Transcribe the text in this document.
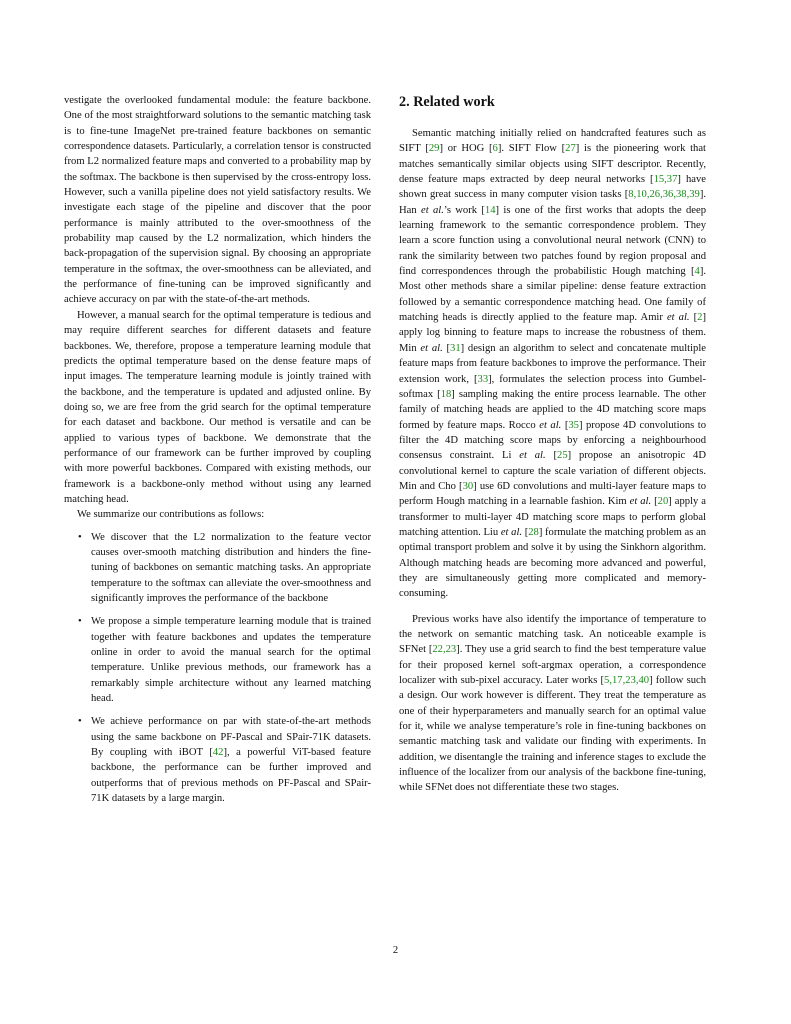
vestigate the overlooked fundamental module: the feature backbone. One of the most straightforward solutions to the semantic matching task is to fine-tune ImageNet pre-trained feature backbones on semantic correspondence datasets. Particularly, a correlation tensor is constructed from L2 normalized feature maps and converted to a probability map by the softmax. The backbone is then supervised by the cross-entropy loss. However, such a vanilla pipeline does not yield satisfactory results. We investigate each stage of the pipeline and discover that the poor performance is mainly attributed to the over-smoothness of the probability map caused by the L2 normalization, which hinders the back-propagation of the supervision signal. By choosing an appropriate temperature in the softmax, the over-smoothness can be alleviated, and the performance of fine-tuning can be improved significantly and achieve accuracy on par with the state-of-the-art methods.

However, a manual search for the optimal temperature is tedious and may require different searches for different datasets and feature backbones. We, therefore, propose a temperature learning module that predicts the optimal temperature based on the dense feature maps of input images. The temperature learning module is jointly trained with the backbone, and the temperature is updated and adjusted online. By doing so, we are free from the grid search for the optimal temperature for each dataset and backbone. Our method is versatile and can be applied to various types of backbone. We demonstrate that the performance of our framework can be further improved by coupling with more powerful backbones. Compared with existing methods, our framework is a backbone-only method without using any learned matching head.

We summarize our contributions as follows:

• We discover that the L2 normalization to the feature vector causes over-smooth matching distribution and hinders the fine-tuning of backbones on semantic matching tasks. An appropriate temperature to the softmax can alleviate the over-smoothness and significantly improves the performance of the backbone
• We propose a simple temperature learning module that is trained together with feature backbones and updates the temperature online in order to avoid the manual search for the optimal temperature. Unlike previous methods, our framework has a remarkably simple architecture without any learned matching head.
• We achieve performance on par with state-of-the-art methods using the same backbone on PF-Pascal and SPair-71K datasets. By coupling with iBOT [42], a powerful ViT-based feature backbone, the performance can be further improved and outperforms that of previous methods on PF-Pascal and SPair-71K datasets by a large margin.
2. Related work

Semantic matching initially relied on handcrafted features such as SIFT [29] or HOG [6]. SIFT Flow [27] is the pioneering work that matches semantically similar objects using SIFT descriptor. Recently, dense feature maps extracted by deep neural networks [15,37] have shown great success in many computer vision tasks [8,10,26,36,38,39]. Han et al.’s work [14] is one of the first works that adopts the deep learning framework to the semantic correspondence problem. They learn a score function using a convolutional neural network (CNN) to rank the similarity between two patches found by region proposal and find correspondences through the probabilistic Hough matching [4]. Most other methods share a similar pipeline: dense feature extraction followed by a semantic correspondence matching head. One family of matching heads is directly applied to the feature map. Amir et al. [2] apply log binning to feature maps to increase the robustness of them. Min et al. [31] design an algorithm to select and concatenate multiple feature maps from feature backbones to improve the performance. Their extension work, [33], formulates the selection process into Gumbel-softmax [18] sampling making the entire process learnable. The other family of matching heads are applied to the 4D matching score maps formed by feature maps. Rocco et al. [35] propose 4D convolutions to filter the 4D matching score maps by enforcing a neighbourhood consensus constraint. Li et al. [25] propose an anisotropic 4D convolutional kernel to capture the scale variation of different objects. Min and Cho [30] use 6D convolutions and multi-layer feature maps to perform Hough matching in a learnable fashion. Kim et al. [20] apply a transformer to multi-layer 4D matching score maps to perform global matching attention. Liu et al. [28] formulate the matching problem as an optimal transport problem and solve it by using the Sinkhorn algorithm. Although matching heads are becoming more advanced and powerful, they are simultaneously getting more complicated and memory-consuming.

Previous works have also identify the importance of temperature to the network on semantic matching task. An noticeable example is SFNet [22,23]. They use a grid search to find the best temperature value for their proposed kernel soft-argmax operation, a correspondence localizer with sub-pixel accuracy. Later works [5,17,23,40] follow such a design. Our work however is different. They treat the temperature as one of their hyperparameters and manually search for an optimal value for it, while we analyse temperature’s role in fine-tuning backbones on semantic matching task and validate our finding with experiments. In addition, we disentangle the training and inference stages to exclude the influence of the localizer from our analysis of the backbone fine-tuning, while SFNet does not differentiate these two stages.

2
